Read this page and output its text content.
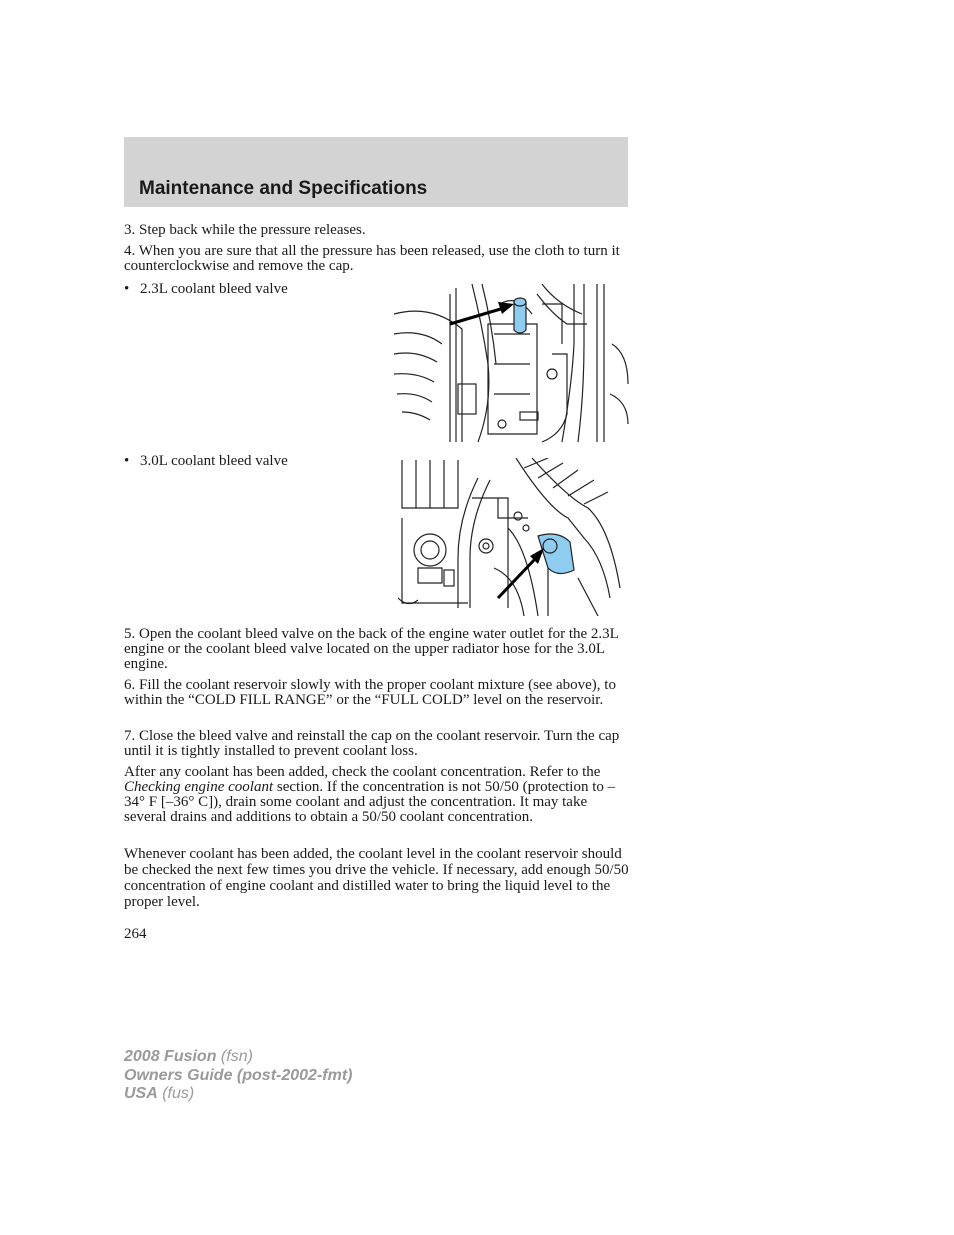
Maintenance and Specifications

3. Step back while the pressure releases.

4. When you are sure that all the pressure has been released, use the cloth to turn it counterclockwise and remove the cap.

• 2.3L coolant bleed valve
• 3.0L coolant bleed valve

5. Open the coolant bleed valve on the back of the engine water outlet for the 2.3L engine or the coolant bleed valve located on the upper radiator hose for the 3.0L engine.

6. Fill the coolant reservoir slowly with the proper coolant mixture (see above), to within the “COLD FILL RANGE” or the “FULL COLD” level on the reservoir.

7. Close the bleed valve and reinstall the cap on the coolant reservoir. Turn the cap until it is tightly installed to prevent coolant loss.

After any coolant has been added, check the coolant concentration. Refer to the Checking engine coolant section. If the concentration is not 50/50 (protection to –34° F [–36° C]), drain some coolant and adjust the concentration. It may take several drains and additions to obtain a 50/50 coolant concentration.

Whenever coolant has been added, the coolant level in the coolant reservoir should be checked the next few times you drive the vehicle. If necessary, add enough 50/50 concentration of engine coolant and distilled water to bring the liquid level to the proper level.

264
2008 Fusion (fsn)
Owners Guide (post-2002-fmt)
USA (fus)
